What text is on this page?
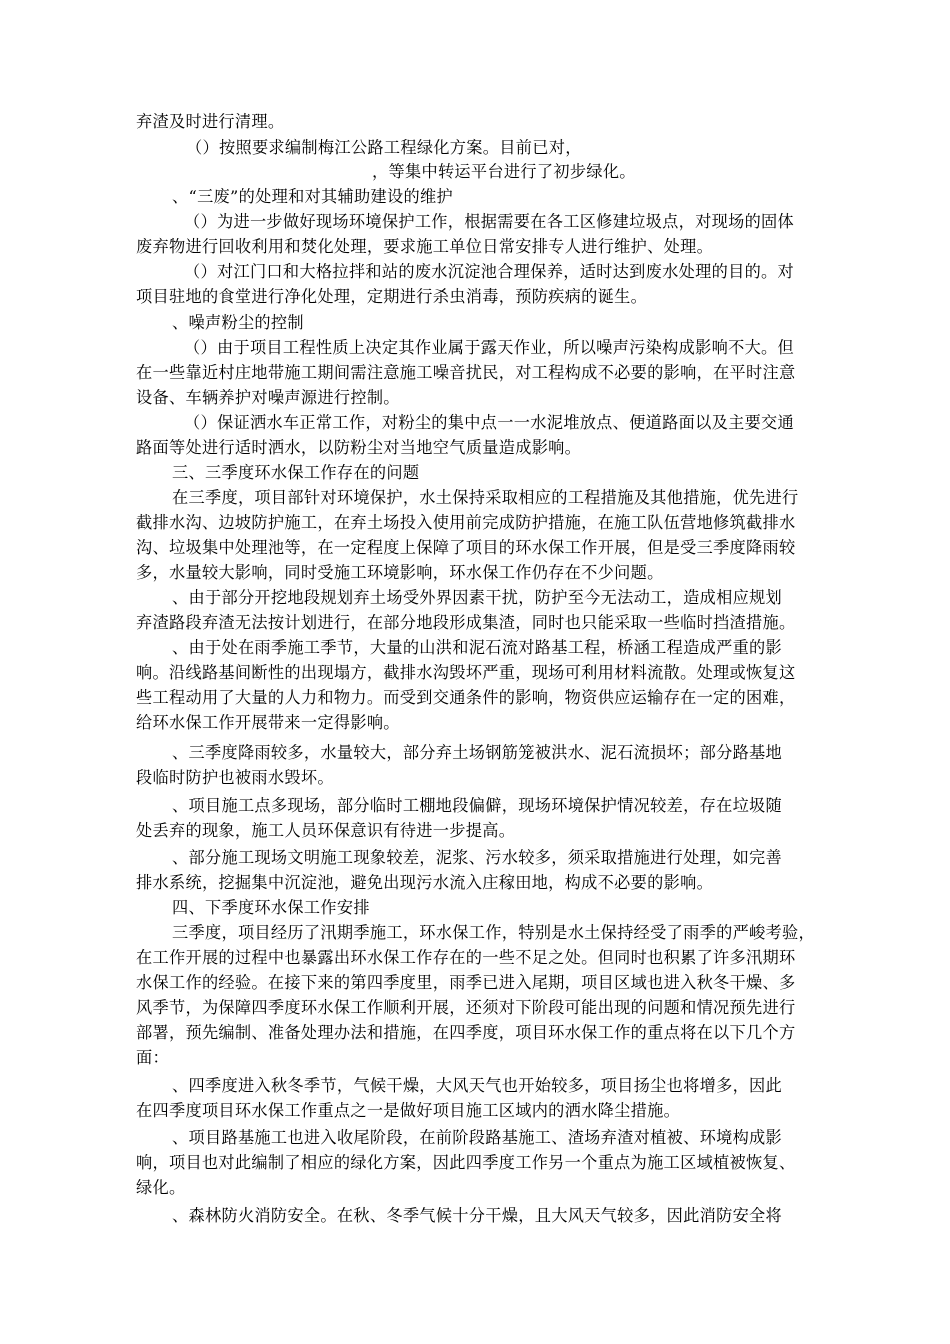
弃渣及时进行清理。
（）按照要求编制梅江公路工程绿化方案。目前已对，
，等集中转运平台进行了初步绿化。
、“三废”的处理和对其辅助建设的维护
（）为进一步做好现场环境保护工作，根据需要在各工区修建垃圾点，对现场的固体
废弃物进行回收利用和焚化处理，要求施工单位日常安排专人进行维护、处理。
（）对江门口和大格拉拌和站的废水沉淀池合理保养，适时达到废水处理的目的。对
项目驻地的食堂进行净化处理，定期进行杀虫消毒，预防疾病的诞生。
、噪声粉尘的控制
（）由于项目工程性质上决定其作业属于露天作业，所以噪声污染构成影响不大。但
在一些靠近村庄地带施工期间需注意施工噪音扰民，对工程构成不必要的影响，在平时注意
设备、车辆养护对噪声源进行控制。
（）保证洒水车正常工作，对粉尘的集中点一一水泥堆放点、便道路面以及主要交通
路面等处进行适时洒水，以防粉尘对当地空气质量造成影响。
三、三季度环水保工作存在的问题
在三季度，项目部针对环境保护，水土保持采取相应的工程措施及其他措施，优先进行
截排水沟、边坡防护施工，在弃土场投入使用前完成防护措施，在施工队伍营地修筑截排水
沟、垃圾集中处理池等，在一定程度上保障了项目的环水保工作开展，但是受三季度降雨较
多，水量较大影响，同时受施工环境影响，环水保工作仍存在不少问题。
、由于部分开挖地段规划弃土场受外界因素干扰，防护至今无法动工，造成相应规划
弃渣路段弃渣无法按计划进行，在部分地段形成集渣，同时也只能采取一些临时挡渣措施。
、由于处在雨季施工季节，大量的山洪和泥石流对路基工程，桥涵工程造成严重的影
响。沿线路基间断性的出现塌方，截排水沟毁坏严重，现场可利用材料流散。处理或恢复这
些工程动用了大量的人力和物力。而受到交通条件的影响，物资供应运输存在一定的困难，
给环水保工作开展带来一定得影响。
、三季度降雨较多，水量较大，部分弃土场钢筋笼被洪水、泥石流损坏；部分路基地
段临时防护也被雨水毁坏。
、项目施工点多现场，部分临时工棚地段偏僻，现场环境保护情况较差，存在垃圾随
处丢弃的现象，施工人员环保意识有待进一步提高。
、部分施工现场文明施工现象较差，泥浆、污水较多，须采取措施进行处理，如完善
排水系统，挖掘集中沉淀池，避免出现污水流入庄稼田地，构成不必要的影响。
四、下季度环水保工作安排
三季度，项目经历了汛期季施工，环水保工作，特别是水土保持经受了雨季的严峻考验，
在工作开展的过程中也暴露出环水保工作存在的一些不足之处。但同时也积累了许多汛期环
水保工作的经验。在接下来的第四季度里，雨季已进入尾期，项目区域也进入秋冬干燥、多
风季节，为保障四季度环水保工作顺利开展，还须对下阶段可能出现的问题和情况预先进行
部署，预先编制、准备处理办法和措施，在四季度，项目环水保工作的重点将在以下几个方
面：
、四季度进入秋冬季节，气候干燥，大风天气也开始较多，项目扬尘也将增多，因此
在四季度项目环水保工作重点之一是做好项目施工区域内的洒水降尘措施。
、项目路基施工也进入收尾阶段，在前阶段路基施工、渣场弃渣对植被、环境构成影
响，项目也对此编制了相应的绿化方案，因此四季度工作另一个重点为施工区域植被恢复、
绿化。
、森林防火消防安全。在秋、冬季气候十分干燥，且大风天气较多，因此消防安全将
